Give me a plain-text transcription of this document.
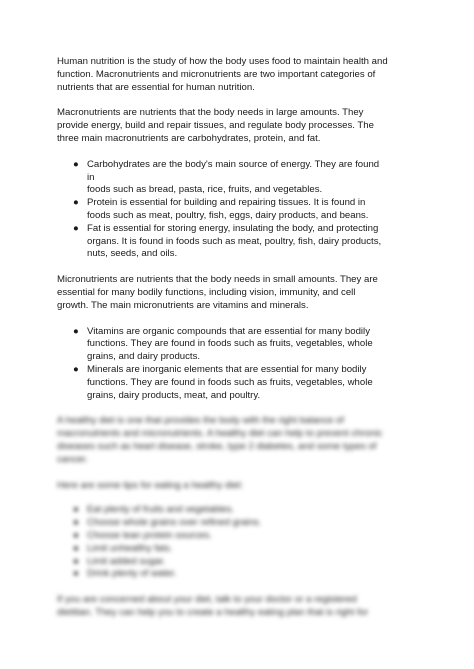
Human nutrition is the study of how the body uses food to maintain health and
function. Macronutrients and micronutrients are two important categories of
nutrients that are essential for human nutrition.

Macronutrients are nutrients that the body needs in large amounts. They
provide energy, build and repair tissues, and regulate body processes. The
three main macronutrients are carbohydrates, protein, and fat.

● Carbohydrates are the body's main source of energy. They are found in
foods such as bread, pasta, rice, fruits, and vegetables.
● Protein is essential for building and repairing tissues. It is found in
foods such as meat, poultry, fish, eggs, dairy products, and beans.
● Fat is essential for storing energy, insulating the body, and protecting
organs. It is found in foods such as meat, poultry, fish, dairy products,
nuts, seeds, and oils.

Micronutrients are nutrients that the body needs in small amounts. They are
essential for many bodily functions, including vision, immunity, and cell
growth. The main micronutrients are vitamins and minerals.

● Vitamins are organic compounds that are essential for many bodily
functions. They are found in foods such as fruits, vegetables, whole
grains, and dairy products.
● Minerals are inorganic elements that are essential for many bodily
functions. They are found in foods such as fruits, vegetables, whole
grains, dairy products, meat, and poultry.

A healthy diet is one that provides the body with the right balance of
macronutrients and micronutrients. A healthy diet can help to prevent chronic
diseases such as heart disease, stroke, type 2 diabetes, and some types of
cancer.

Here are some tips for eating a healthy diet:

● Eat plenty of fruits and vegetables.
● Choose whole grains over refined grains.
● Choose lean protein sources.
● Limit unhealthy fats.
● Limit added sugar.
● Drink plenty of water.

If you are concerned about your diet, talk to your doctor or a registered
dietitian. They can help you to create a healthy eating plan that is right for
